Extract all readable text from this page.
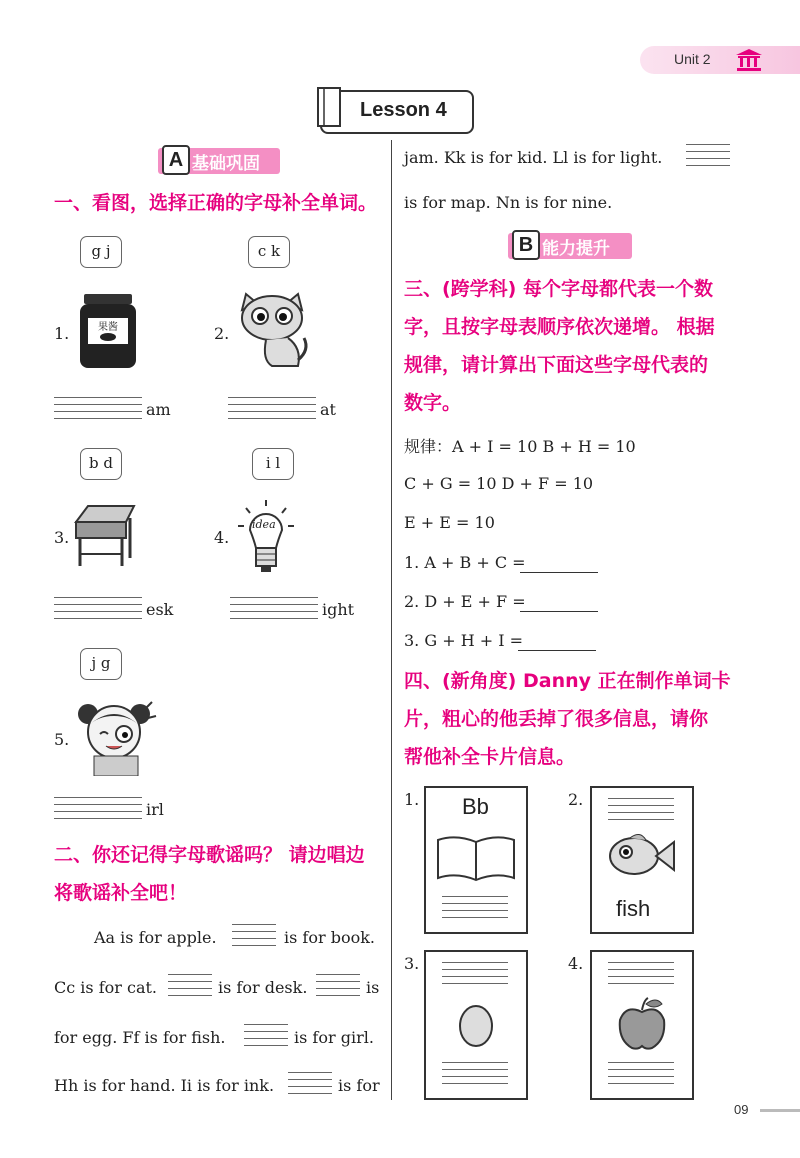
Unit 2
Lesson 4
A 基础巩固
一、看图，选择正确的字母补全单词。
g j
1.	果酱
am
c k
2.
at
b d
3.
esk
i l
4.
idea
ight
j g
5.
irl
二、你还记得字母歌谣吗？ 请边唱边
将歌谣补全吧！
Aa is for apple.	is for book.
Cc is for cat.	is for desk.	is
for egg. Ff is for fish.	is for girl.
Hh is for hand. Ii is for ink.	is for
jam. Kk is for kid. Ll is for light.
is for map. Nn is for nine.
B 能力提升
三、(跨学科) 每个字母都代表一个数
字，且按字母表顺序依次递增。 根据
规律，请计算出下面这些字母代表的
数字。
规律：A + I = 10 B + H = 10
C + G = 10 D + F = 10
E + E = 10
1. A + B + C =
2. D + E + F =
3. G + H + I =
四、(新角度) Danny 正在制作单词卡
片，粗心的他丢掉了很多信息，请你
帮他补全卡片信息。
1. Bb	2.
fish
3.	4.
09
